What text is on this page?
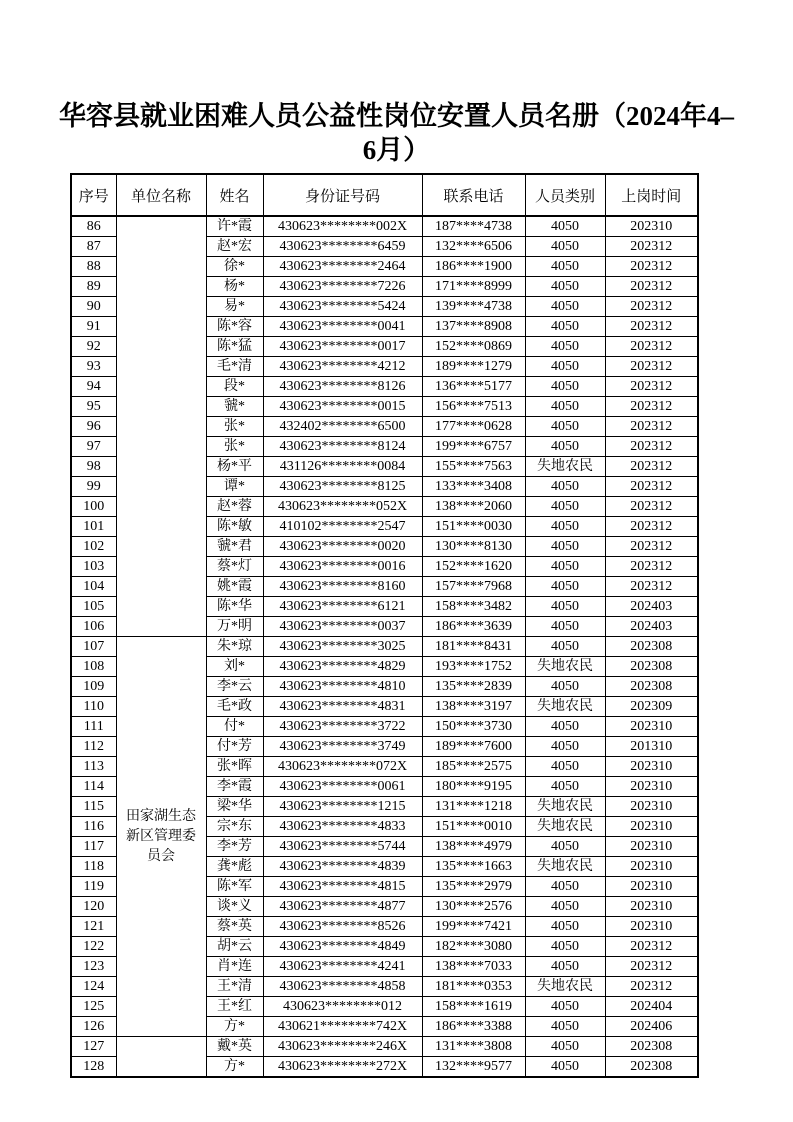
华容县就业困难人员公益性岗位安置人员名册（2024年4–
6月）
序号	单位名称	姓名	身份证号码	联系电话	人员类别	上岗时间
86		许*霞	430623********002X	187****4738	4050	202310
87		赵*宏	430623********6459	132****6506	4050	202312
88		徐*	430623********2464	186****1900	4050	202312
89		杨*	430623********7226	171****8999	4050	202312
90		易*	430623********5424	139****4738	4050	202312
91		陈*容	430623********0041	137****8908	4050	202312
92		陈*猛	430623********0017	152****0869	4050	202312
93		毛*清	430623********4212	189****1279	4050	202312
94		段*	430623********8126	136****5177	4050	202312
95		虢*	430623********0015	156****7513	4050	202312
96		张*	432402********6500	177****0628	4050	202312
97		张*	430623********8124	199****6757	4050	202312
98		杨*平	431126********0084	155****7563	失地农民	202312
99		谭*	430623********8125	133****3408	4050	202312
100		赵*蓉	430623********052X	138****2060	4050	202312
101		陈*敏	410102********2547	151****0030	4050	202312
102		虢*君	430623********0020	130****8130	4050	202312
103		蔡*灯	430623********0016	152****1620	4050	202312
104		姚*霞	430623********8160	157****7968	4050	202312
105		陈*华	430623********6121	158****3482	4050	202403
106		万*明	430623********0037	186****3639	4050	202403
107	田家湖生态新区管理委员会	朱*琼	430623********3025	181****8431	4050	202308
108		刘*	430623********4829	193****1752	失地农民	202308
109		李*云	430623********4810	135****2839	4050	202308
110		毛*政	430623********4831	138****3197	失地农民	202309
111		付*	430623********3722	150****3730	4050	202310
112		付*芳	430623********3749	189****7600	4050	201310
113		张*晖	430623********072X	185****2575	4050	202310
114		李*霞	430623********0061	180****9195	4050	202310
115		梁*华	430623********1215	131****1218	失地农民	202310
116		宗*东	430623********4833	151****0010	失地农民	202310
117		李*芳	430623********5744	138****4979	4050	202310
118		龚*彪	430623********4839	135****1663	失地农民	202310
119		陈*军	430623********4815	135****2979	4050	202310
120		谈*义	430623********4877	130****2576	4050	202310
121		蔡*英	430623********8526	199****7421	4050	202310
122		胡*云	430623********4849	182****3080	4050	202312
123		肖*连	430623********4241	138****7033	4050	202312
124		王*清	430623********4858	181****0353	失地农民	202312
125		王*红	430623********012	158****1619	4050	202404
126		方*	430621********742X	186****3388	4050	202406
127		戴*英	430623********246X	131****3808	4050	202308
128		方*	430623********272X	132****9577	4050	202308
